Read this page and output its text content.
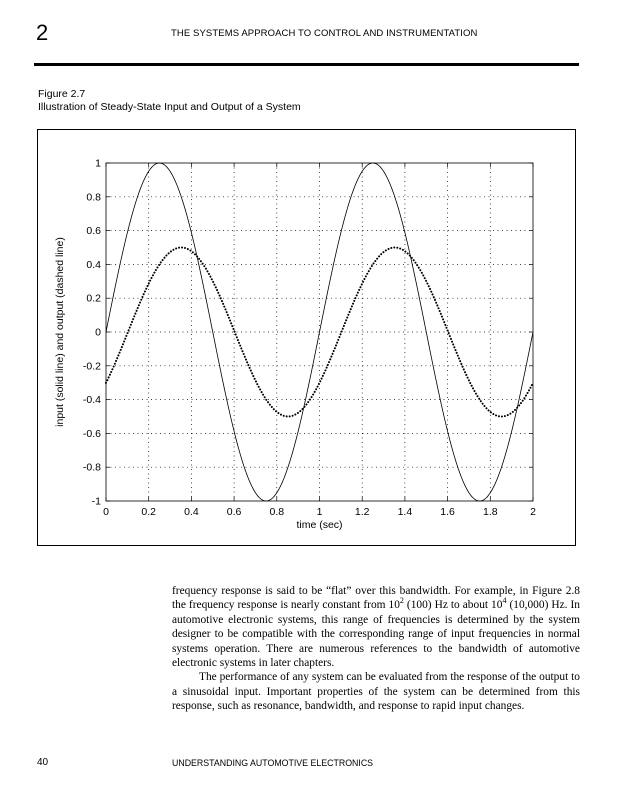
2	THE SYSTEMS APPROACH TO CONTROL AND INSTRUMENTATION
Figure 2.7
Illustration of Steady-State Input and Output of a System
0	0.2	0.4	0.6	0.8	1	1.2	1.4	1.6	1.8	2
1
0.8
0.6
0.4
0.2
0
-0.2
-0.4
-0.6
-0.8
-1
time (sec)
input (solid line) and output (dashed line)

frequency response is said to be “flat” over this bandwidth. For example, in Figure 2.8 the frequency response is nearly constant from $10^2$ (100) Hz to about $10^4$ (10,000) Hz. In automotive electronic systems, this range of frequencies is determined by the system designer to be compatible with the corresponding range of input frequencies in normal systems operation. There are numerous references to the bandwidth of automotive electronic systems in later chapters.

The performance of any system can be evaluated from the response of the output to a sinusoidal input. Important properties of the system can be determined from this response, such as resonance, bandwidth, and response to rapid input changes.

40	UNDERSTANDING AUTOMOTIVE ELECTRONICS
